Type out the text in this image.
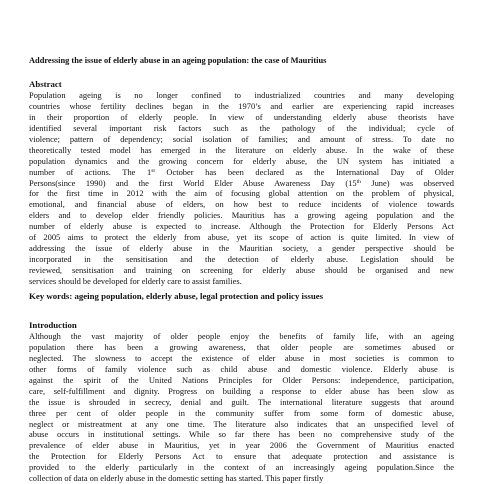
Addressing the issue of elderly abuse in an ageing population: the case of Mauritius
Abstract
Population ageing is no longer confined to industrialized countries and many developing
countries whose fertility declines began in the 1970’s and earlier are experiencing rapid increases
in their proportion of elderly people. In view of understanding elderly abuse theorists have
identified several important risk factors such as the pathology of the individual; cycle of
violence; pattern of dependency; social isolation of families; and amount of stress. To date no
theoretically tested model has emerged in the literature on elderly abuse. In the wake of these
population dynamics and the growing concern for elderly abuse, the UN system has initiated a
number of actions. The 1st October has been declared as the International Day of Older
Persons(since 1990) and the first World Elder Abuse Awareness Day (15th June) was observed
for the first time in 2012 with the aim of focusing global attention on the problem of physical,
emotional, and financial abuse of elders, on how best to reduce incidents of violence towards
elders and to develop elder friendly policies. Mauritius has a growing ageing population and the
number of elderly abuse is expected to increase. Although the Protection for Elderly Persons Act
of 2005 aims to protect the elderly from abuse, yet its scope of action is quite limited. In view of
addressing the issue of elderly abuse in the Mauritian society, a gender perspective should be
incorporated in the sensitisation and the detection of elderly abuse. Legislation should be
reviewed, sensitisation and training on screening for elderly abuse should be organised and new
services should be developed for elderly care to assist families.
Key words: ageing population, elderly abuse, legal protection and policy issues
Introduction
Although the vast majority of older people enjoy the benefits of family life, with an ageing
population there has been a growing awareness, that older people are sometimes abused or
neglected. The slowness to accept the existence of elder abuse in most societies is common to
other forms of family violence such as child abuse and domestic violence. Elderly abuse is
against the spirit of the United Nations Principles for Older Persons: independence, participation,
care, self-fulfillment and dignity. Progress on building a response to elder abuse has been slow as
the issue is shrouded in secrecy, denial and guilt. The international literature suggests that around
three per cent of older people in the community suffer from some form of domestic abuse,
neglect or mistreatment at any one time. The literature also indicates that an unspecified level of
abuse occurs in institutional settings. While so far there has been no comprehensive study of the
prevalence of elder abuse in Mauritius, yet in year 2006 the Government of Mauritius enacted
the Protection for Elderly Persons Act to ensure that adequate protection and assistance is
provided to the elderly particularly in the context of an increasingly ageing population.Since the
collection of data on elderly abuse in the domestic setting has started. This paper firstly
